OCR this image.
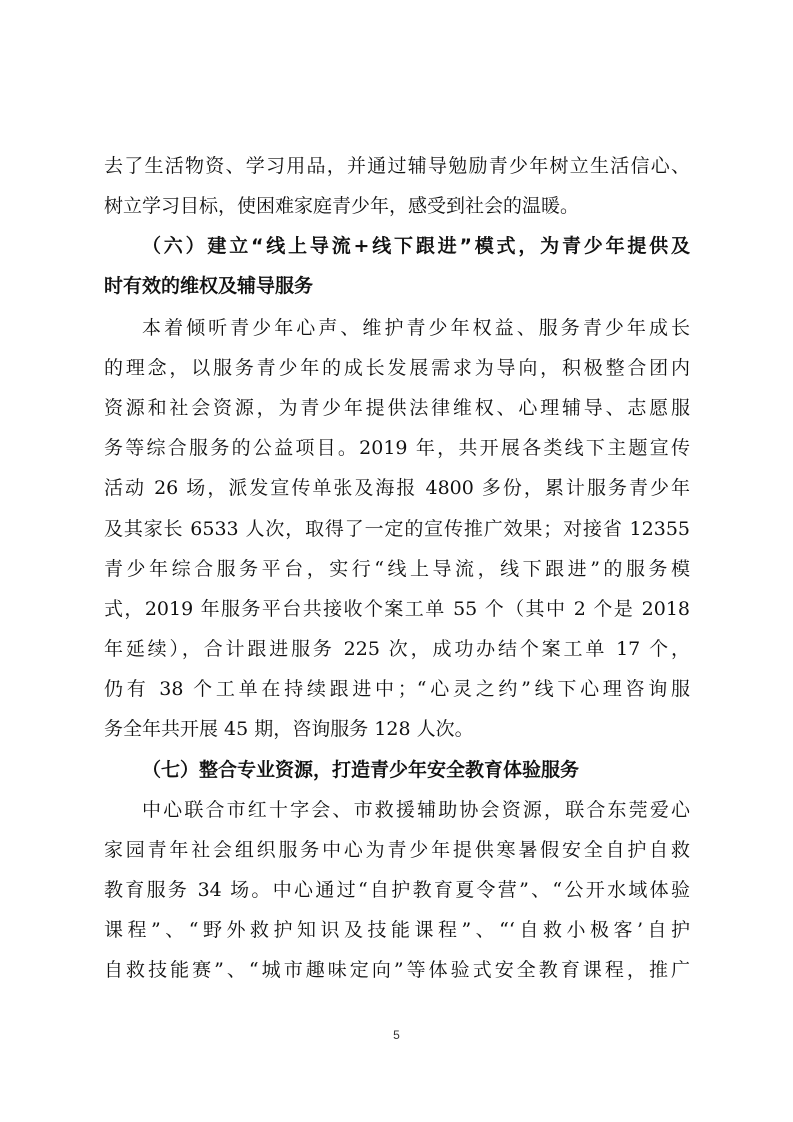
去了生活物资、学习用品，并通过辅导勉励青少年树立生活信心、
树立学习目标，使困难家庭青少年，感受到社会的温暖。
（六）建立“线上导流+线下跟进”模式，为青少年提供及
时有效的维权及辅导服务
本着倾听青少年心声、维护青少年权益、服务青少年成长
的理念，以服务青少年的成长发展需求为导向，积极整合团内
资源和社会资源，为青少年提供法律维权、心理辅导、志愿服
务等综合服务的公益项目。2019 年，共开展各类线下主题宣传
活动 26 场，派发宣传单张及海报 4800 多份，累计服务青少年
及其家长 6533 人次，取得了一定的宣传推广效果；对接省 12355
青少年综合服务平台，实行“线上导流，线下跟进”的服务模
式，2019 年服务平台共接收个案工单 55 个（其中 2 个是 2018
年延续），合计跟进服务 225 次，成功办结个案工单 17 个，
仍有 38 个工单在持续跟进中；“心灵之约”线下心理咨询服
务全年共开展 45 期，咨询服务 128 人次。
（七）整合专业资源，打造青少年安全教育体验服务
中心联合市红十字会、市救援辅助协会资源，联合东莞爱心
家园青年社会组织服务中心为青少年提供寒暑假安全自护自救
教育服务 34 场。中心通过“自护教育夏令营”、“公开水域体验
课程”、“野外救护知识及技能课程”、“‘自救小极客’自护
自救技能赛”、“城市趣味定向”等体验式安全教育课程，推广
5
